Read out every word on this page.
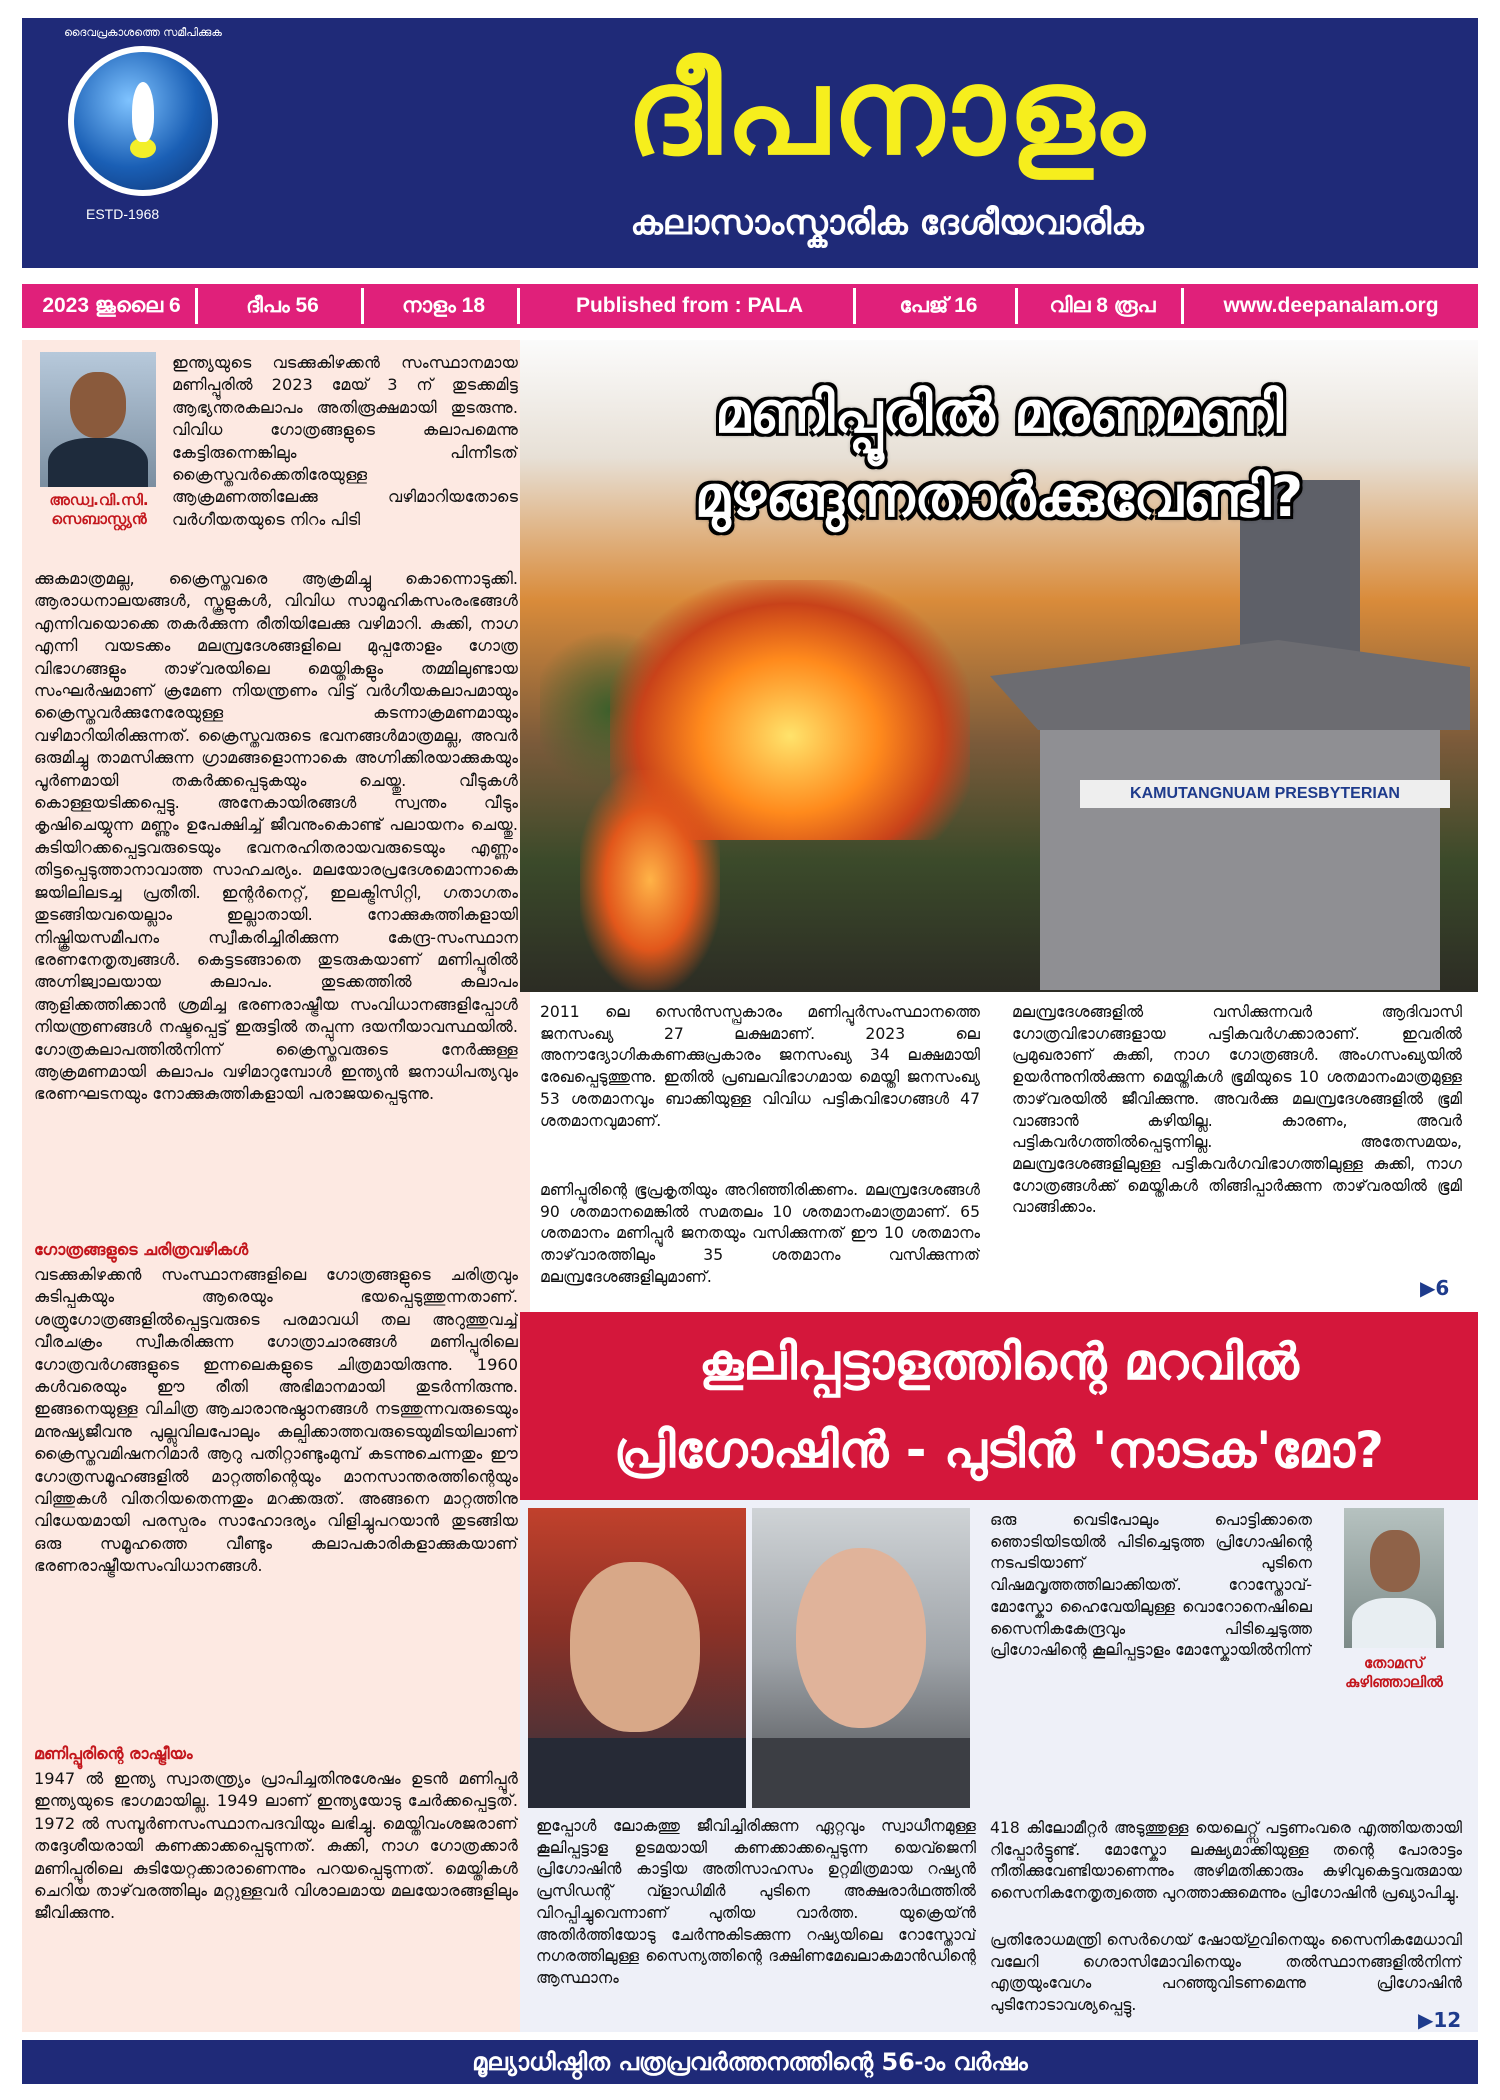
ദൈവപ്രകാശത്തെ സമീപിക്കുക
ESTD-1968
ദീപനാളം
കലാസാംസ്കാരിക ദേശീയവാരിക
2023 ജൂലൈ 6	ദീപം 56	നാളം 18	Published from : PALA	പേജ് 16	വില 8 രൂപ	www.deepanalam.org
അഡ്വ.വി.സി. സെബാസ്റ്റ്യൻ
ഇന്ത്യയുടെ വടക്കുകിഴക്കൻ സംസ്ഥാനമായ മണിപ്പൂരിൽ 2023 മേയ് 3 ന് തുടക്കമിട്ട ആഭ്യന്തരകലാപം അതിരൂക്ഷമായി തുടരുന്നു. വിവിധ ഗോത്രങ്ങളുടെ കലാപമെന്നു കേട്ടിരുന്നെങ്കിലും പിന്നീടത് ക്രൈസ്തവർക്കെതിരേയുള്ള ആക്രമണത്തിലേക്കു വഴിമാറിയതോടെ വർഗീയതയുടെ നിറം പിടി
ക്കുകമാത്രമല്ല, ക്രൈസ്തവരെ ആക്രമിച്ചു കൊന്നൊടുക്കി. ആരാധനാലയങ്ങൾ, സ്കൂളുകൾ, വിവിധ സാമൂഹികസംരംഭങ്ങൾ എന്നിവയൊക്കെ തകർക്കുന്ന രീതിയിലേക്കു വഴിമാറി. കുക്കി, നാഗ എന്നി വയടക്കം മലമ്പ്രദേശങ്ങളിലെ മുപ്പതോളം ഗോത്ര വിഭാഗങ്ങളും താഴ്‌വരയിലെ മെയ്തികളും തമ്മിലുണ്ടായ സംഘർഷമാണ് ക്രമേണ നിയന്ത്രണം വിട്ട് വർഗീയകലാപമായും ക്രൈസ്തവർക്കുനേരേയുള്ള കടന്നാക്രമണമായും വഴിമാറിയിരിക്കുന്നത്. ക്രൈസ്തവരുടെ ഭവനങ്ങൾമാത്രമല്ല, അവർ ഒരുമിച്ചു താമസിക്കുന്ന ഗ്രാമങ്ങളൊന്നാകെ അഗ്നിക്കിരയാക്കുകയും പൂർണമായി തകർക്കപ്പെടുകയും ചെയ്തു. വീടുകൾ കൊള്ളയടിക്കപ്പെട്ടു. അനേകായിരങ്ങൾ സ്വന്തം വീടും കൃഷിചെയ്യുന്ന മണ്ണും ഉപേക്ഷിച്ച് ജീവനുംകൊണ്ട് പലായനം ചെയ്തു. കുടിയിറക്കപ്പെട്ടവരുടെയും ഭവനരഹിതരായവരുടെയും എണ്ണം തിട്ടപ്പെടുത്താനാവാത്ത സാഹചര്യം. മലയോരപ്രദേശമൊന്നാകെ ജയിലിലടച്ച പ്രതീതി. ഇന്റർനെറ്റ്, ഇലക്ട്രിസിറ്റി, ഗതാഗതം തുടങ്ങിയവയെല്ലാം ഇല്ലാതായി. നോക്കുകുത്തികളായി നിഷ്ക്രിയസമീപനം സ്വീകരിച്ചിരിക്കുന്ന കേന്ദ്ര-സംസ്ഥാന ഭരണനേതൃത്വങ്ങൾ. കെട്ടടങ്ങാതെ തുടരുകയാണ് മണിപ്പൂരിൽ അഗ്നിജ്വാലയായ കലാപം. തുടക്കത്തിൽ കലാപം ആളിക്കത്തിക്കാൻ ശ്രമിച്ച ഭരണരാഷ്ട്രീയ സംവിധാനങ്ങളിപ്പോൾ നിയന്ത്രണങ്ങൾ നഷ്ടപ്പെട്ട് ഇരുട്ടിൽ തപ്പുന്ന ദയനീയാവസ്ഥയിൽ. ഗോത്രകലാപത്തിൽനിന്ന് ക്രൈസ്തവരുടെ നേർക്കുള്ള ആക്രമണമായി കലാപം വഴിമാറുമ്പോൾ ഇന്ത്യൻ ജനാധിപത്യവും ഭരണഘടനയും നോക്കുകുത്തികളായി പരാജയപ്പെടുന്നു.
ഗോത്രങ്ങളുടെ ചരിത്രവഴികൾ
വടക്കുകിഴക്കൻ സംസ്ഥാനങ്ങളിലെ ഗോത്രങ്ങളുടെ ചരിത്രവും കുടിപ്പകയും ആരെയും ഭയപ്പെടുത്തുന്നതാണ്. ശത്രുഗോത്രങ്ങളിൽപ്പെട്ടവരുടെ പരമാവധി തല അറുത്തുവച്ച് വീരചക്രം സ്വീകരിക്കുന്ന ഗോത്രാചാരങ്ങൾ മണിപ്പൂരിലെ ഗോത്രവർഗങ്ങളുടെ ഇന്നലെകളുടെ ചിത്രമായിരുന്നു. 1960 കൾവരെയും ഈ രീതി അഭിമാനമായി തുടർന്നിരുന്നു. ഇങ്ങനെയുള്ള വിചിത്ര ആചാരാനുഷ്ഠാനങ്ങൾ നടത്തുന്നവരുടെയും മനുഷ്യജീവനു പുല്ലുവിലപോലും കല്പിക്കാത്തവരുടെയുമിടയിലാണ് ക്രൈസ്തവമിഷനറിമാർ ആറു പതിറ്റാണ്ടുംമുമ്പ് കടന്നുചെന്നതും ഈ ഗോത്രസമൂഹങ്ങളിൽ മാറ്റത്തിന്റെയും മാനസാന്തരത്തിന്റെയും വിത്തുകൾ വിതറിയതെന്നതും മറക്കരുത്. അങ്ങനെ മാറ്റത്തിനു വിധേയമായി പരസ്പരം സാഹോദര്യം വിളിച്ചുപറയാൻ തുടങ്ങിയ ഒരു സമൂഹത്തെ വീണ്ടും കലാപകാരികളാക്കുകയാണ് ഭരണരാഷ്ട്രീയസംവിധാനങ്ങൾ.
മണിപ്പൂരിന്റെ രാഷ്ട്രീയം
1947 ൽ ഇന്ത്യ സ്വാതന്ത്ര്യം പ്രാപിച്ചതിനുശേഷം ഉടൻ മണിപ്പൂർ ഇന്ത്യയുടെ ഭാഗമായില്ല. 1949 ലാണ് ഇന്ത്യയോടു ചേർക്കപ്പെട്ടത്. 1972 ൽ സമ്പൂർണസംസ്ഥാനപദവിയും ലഭിച്ചു. മെയ്തിവംശജരാണ് തദ്ദേശീയരായി കണക്കാക്കപ്പെടുന്നത്. കുക്കി, നാഗ ഗോത്രക്കാർ മണിപ്പൂരിലെ കുടിയേറ്റക്കാരാണെന്നും പറയപ്പെടുന്നത്. മെയ്തികൾ ചെറിയ താഴ്‌വരത്തിലും മറ്റുള്ളവർ വിശാലമായ മലയോരങ്ങളിലും ജീവിക്കുന്നു.
KAMUTANGNUAM PRESBYTERIAN
മണിപ്പൂരിൽ മരണമണി
മുഴങ്ങുന്നതാർക്കുവേണ്ടി?
2011 ലെ സെൻസസ്പ്രകാരം മണിപ്പൂർസംസ്ഥാനത്തെ ജനസംഖ്യ 27 ലക്ഷമാണ്. 2023 ലെ അനൗദ്യോഗികകണക്കുപ്രകാരം ജനസംഖ്യ 34 ലക്ഷമായി രേഖപ്പെടുത്തുന്നു. ഇതിൽ പ്രബലവിഭാഗമായ മെയ്തി ജനസംഖ്യ 53 ശതമാനവും ബാക്കിയുള്ള വിവിധ പട്ടികവിഭാഗങ്ങൾ 47 ശതമാനവുമാണ്.
മണിപ്പൂരിന്റെ ഭൂപ്രകൃതിയും അറിഞ്ഞിരിക്കണം. മലമ്പ്രദേശങ്ങൾ 90 ശതമാനമെങ്കിൽ സമതലം 10 ശതമാനംമാത്രമാണ്. 65 ശതമാനം മണിപ്പൂർ ജനതയും വസിക്കുന്നത് ഈ 10 ശതമാനം താഴ്‌വാരത്തിലും 35 ശതമാനം വസിക്കുന്നത് മലമ്പ്രദേശങ്ങളിലുമാണ്.
മലമ്പ്രദേശങ്ങളിൽ വസിക്കുന്നവർ ആദിവാസി ഗോത്രവിഭാഗങ്ങളായ പട്ടികവർഗക്കാരാണ്. ഇവരിൽ പ്രമുഖരാണ് കുക്കി, നാഗ ഗോത്രങ്ങൾ. അംഗസംഖ്യയിൽ ഉയർന്നുനിൽക്കുന്ന മെയ്തികൾ ഭൂമിയുടെ 10 ശതമാനംമാത്രമുള്ള താഴ്‌വരയിൽ ജീവിക്കുന്നു. അവർക്കു മലമ്പ്രദേശങ്ങളിൽ ഭൂമി വാങ്ങാൻ കഴിയില്ല. കാരണം, അവർ പട്ടികവർഗത്തിൽപ്പെടുന്നില്ല. അതേസമയം, മലമ്പ്രദേശങ്ങളിലുള്ള പട്ടികവർഗവിഭാഗത്തിലുള്ള കുക്കി, നാഗ ഗോത്രങ്ങൾക്ക് മെയ്തികൾ തിങ്ങിപ്പാർക്കുന്ന താഴ്‌വരയിൽ ഭൂമി വാങ്ങിക്കാം.
▶6
കൂലിപ്പട്ടാളത്തിന്റെ മറവിൽ
പ്രിഗോഷിൻ - പുടിൻ 'നാടക'മോ?
ഇപ്പോൾ ലോകത്തു ജീവിച്ചിരിക്കുന്ന ഏറ്റവും സ്വാധീനമുള്ള കൂലിപ്പട്ടാള ഉടമയായി കണക്കാക്കപ്പെടുന്ന യെവ്ജെനി പ്രിഗോഷിൻ കാട്ടിയ അതിസാഹസം ഉറ്റമിത്രമായ റഷ്യൻ പ്രസിഡന്റ് വ്ളാഡിമിർ പുടിനെ അക്ഷരാർഥത്തിൽ വിറപ്പിച്ചുവെന്നാണ് പുതിയ വാർത്ത. യുക്രെയ്ൻ അതിർത്തിയോടു ചേർന്നുകിടക്കുന്ന റഷ്യയിലെ റോസ്തോവ് നഗരത്തിലുള്ള സൈന്യത്തിന്റെ ദക്ഷിണമേഖലാകമാൻഡിന്റെ ആസ്ഥാനം
ഒരു വെടിപോലും പൊട്ടിക്കാതെ ഞൊടിയിടയിൽ പിടിച്ചെടുത്ത പ്രിഗോഷിന്റെ നടപടിയാണ് പുടിനെ വിഷമവൃത്തത്തിലാക്കിയത്. റോസ്തോവ്-മോസ്കോ ഹൈവേയിലുള്ള വൊറോനെഷിലെ സൈനികകേന്ദ്രവും പിടിച്ചെടുത്ത പ്രിഗോഷിന്റെ കൂലിപ്പട്ടാളം മോസ്കോയിൽനിന്ന്
തോമസ് കുഴിഞ്ഞാലിൽ
418 കിലോമീറ്റർ അടുത്തുള്ള യെലെറ്റ്സ് പട്ടണംവരെ എത്തിയതായി റിപ്പോർട്ടുണ്ട്. മോസ്കോ ലക്ഷ്യമാക്കിയുള്ള തന്റെ പോരാട്ടം നീതിക്കുവേണ്ടിയാണെന്നും അഴിമതിക്കാരും കഴിവുകെട്ടവരുമായ സൈനികനേതൃത്വത്തെ പുറത്താക്കുമെന്നും പ്രിഗോഷിൻ പ്രഖ്യാപിച്ചു.
പ്രതിരോധമന്ത്രി സെർഗെയ് ഷോയ്ഗുവിനെയും സൈനികമേധാവി വലേറി ഗെരാസിമോവിനെയും തൽസ്ഥാനങ്ങളിൽനിന്ന് എത്രയുംവേഗം പറഞ്ഞുവിടണമെന്നു പ്രിഗോഷിൻ പുടിനോടാവശ്യപ്പെട്ടു.
▶12
മൂല്യാധിഷ്ഠിത പത്രപ്രവർത്തനത്തിന്റെ 56-ാം വർഷം
